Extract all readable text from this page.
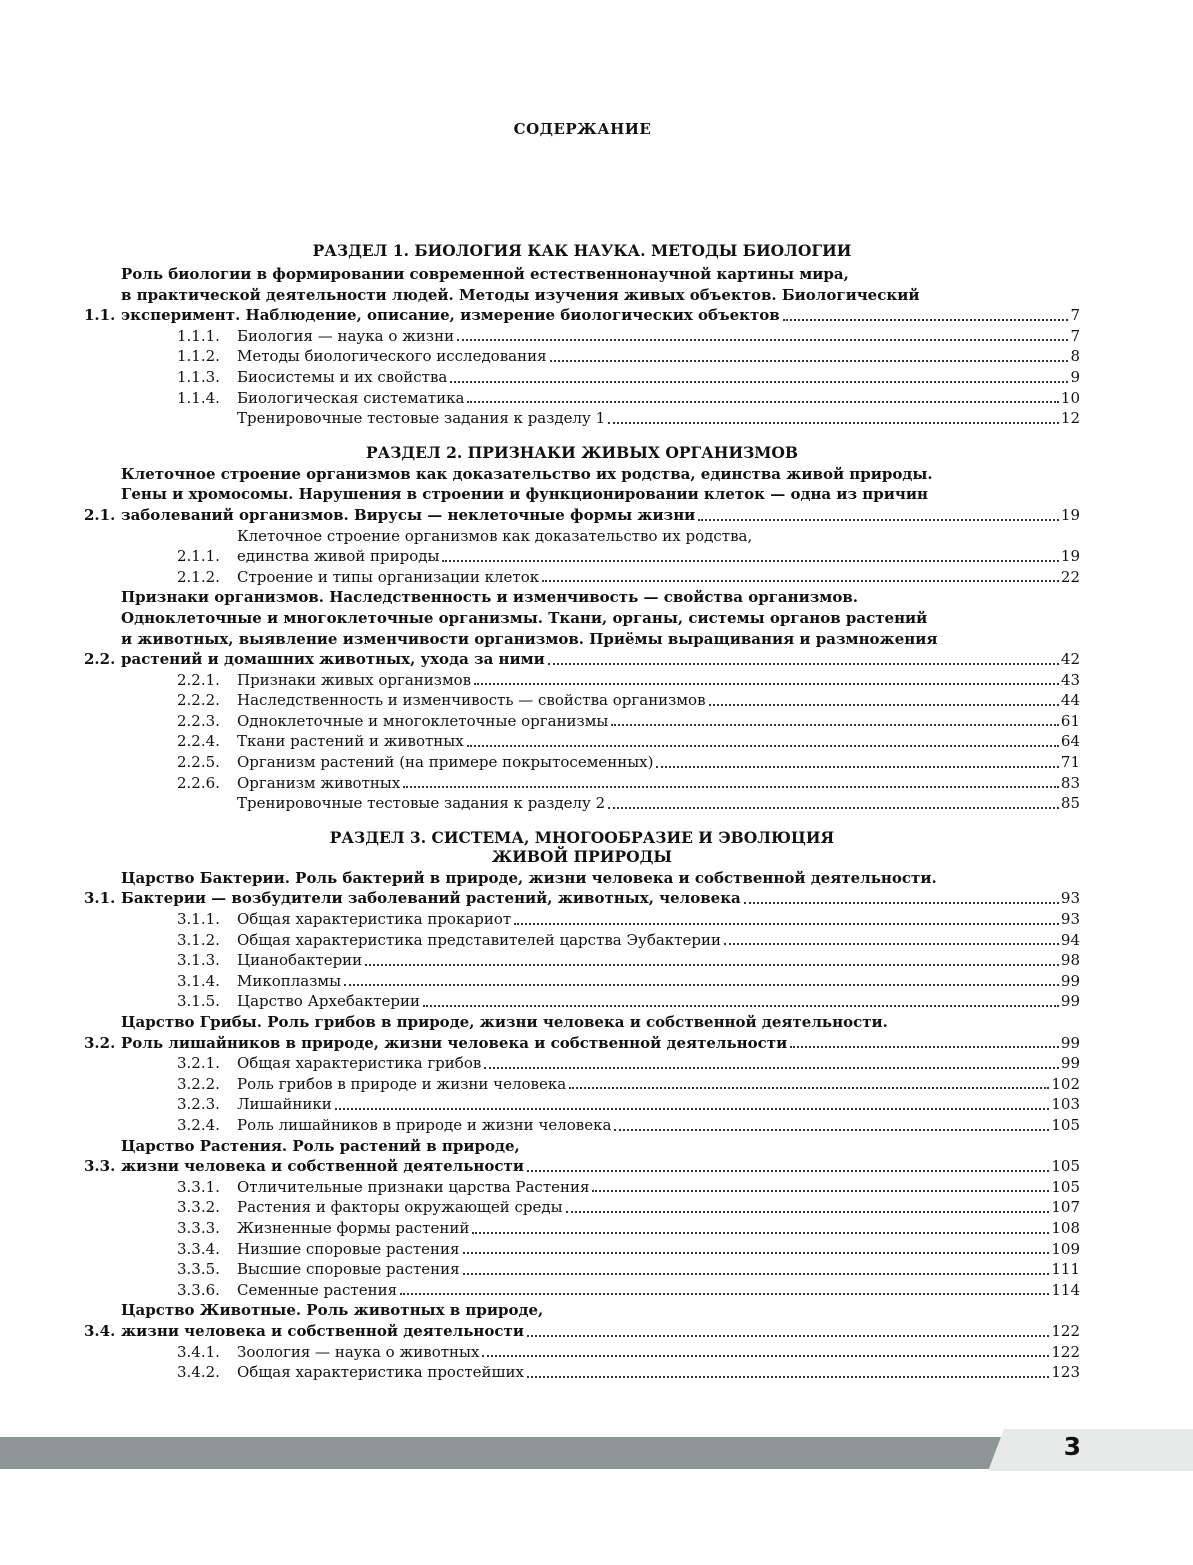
СОДЕРЖАНИЕ
РАЗДЕЛ 1. БИОЛОГИЯ КАК НАУКА. МЕТОДЫ БИОЛОГИИ
1.1.
Роль биологии в формировании современной естественнонаучной картины мира,
в практической деятельности людей. Методы изучения живых объектов. Биологический
эксперимент. Наблюдение, описание, измерение биологических объектов	7
1.1.1.	Биология — наука о жизни	7
1.1.2.	Методы биологического исследования	8
1.1.3.	Биосистемы и их свойства	9
1.1.4.	Биологическая систематика	10
Тренировочные тестовые задания к разделу 1	12
РАЗДЕЛ 2. ПРИЗНАКИ ЖИВЫХ ОРГАНИЗМОВ
2.1.
Клеточное строение организмов как доказательство их родства, единства живой природы.
Гены и хромосомы. Нарушения в строении и функционировании клеток — одна из причин
заболеваний организмов. Вирусы — неклеточные формы жизни	19
2.1.1.
Клеточное строение организмов как доказательство их родства,
единства живой природы	19
2.1.2.	Строение и типы организации клеток	22
2.2.
Признаки организмов. Наследственность и изменчивость — свойства организмов.
Одноклеточные и многоклеточные организмы. Ткани, органы, системы органов растений
и животных, выявление изменчивости организмов. Приёмы выращивания и размножения
растений и домашних животных, ухода за ними	42
2.2.1.	Признаки живых организмов	43
2.2.2.	Наследственность и изменчивость — свойства организмов	44
2.2.3.	Одноклеточные и многоклеточные организмы	61
2.2.4.	Ткани растений и животных	64
2.2.5.	Организм растений (на примере покрытосеменных)	71
2.2.6.	Организм животных	83
Тренировочные тестовые задания к разделу 2	85
РАЗДЕЛ 3. СИСТЕМА, МНОГООБРАЗИЕ И ЭВОЛЮЦИЯ
ЖИВОЙ ПРИРОДЫ
3.1.
Царство Бактерии. Роль бактерий в природе, жизни человека и собственной деятельности.
Бактерии — возбудители заболеваний растений, животных, человека	93
3.1.1.	Общая характеристика прокариот	93
3.1.2.	Общая характеристика представителей царства Эубактерии	94
3.1.3.	Цианобактерии	98
3.1.4.	Микоплазмы	99
3.1.5.	Царство Архебактерии	99
3.2.
Царство Грибы. Роль грибов в природе, жизни человека и собственной деятельности.
Роль лишайников в природе, жизни человека и собственной деятельности	99
3.2.1.	Общая характеристика грибов	99
3.2.2.	Роль грибов в природе и жизни человека	102
3.2.3.	Лишайники	103
3.2.4.	Роль лишайников в природе и жизни человека	105
3.3.
Царство Растения. Роль растений в природе,
жизни человека и собственной деятельности	105
3.3.1.	Отличительные признаки царства Растения	105
3.3.2.	Растения и факторы окружающей среды	107
3.3.3.	Жизненные формы растений	108
3.3.4.	Низшие споровые растения	109
3.3.5.	Высшие споровые растения	111
3.3.6.	Семенные растения	114
3.4.
Царство Животные. Роль животных в природе,
жизни человека и собственной деятельности	122
3.4.1.	Зоология — наука о животных	122
3.4.2.	Общая характеристика простейших	123
3
